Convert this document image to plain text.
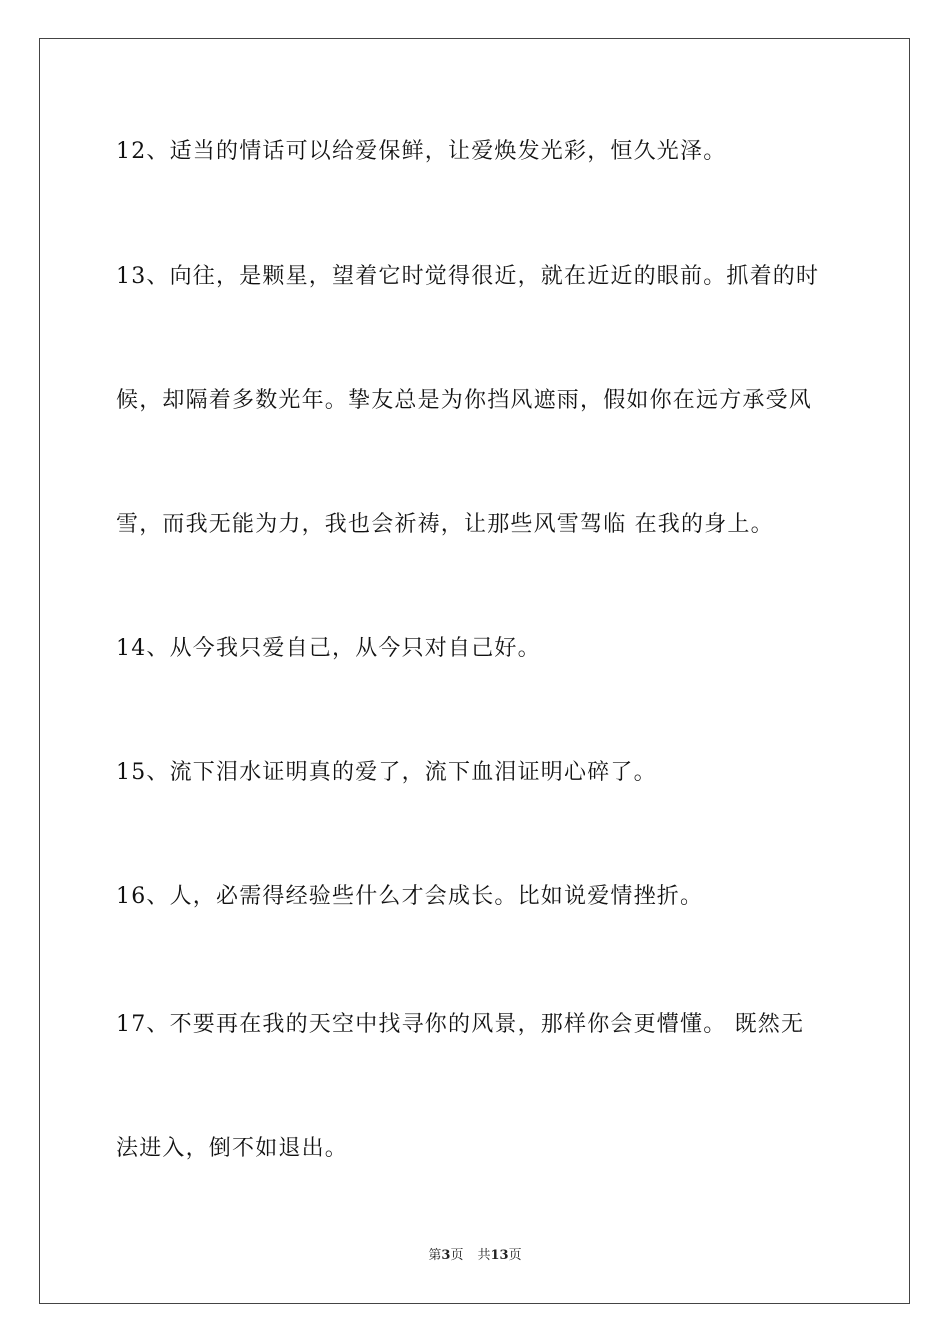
12、适当的情话可以给爱保鲜，让爱焕发光彩，恒久光泽。
13、向往，是颗星，望着它时觉得很近，就在近近的眼前。抓着的时
候，却隔着多数光年。挚友总是为你挡风遮雨，假如你在远方承受风
雪，而我无能为力，我也会祈祷，让那些风雪驾临 在我的身上。
14、从今我只爱自己，从今只对自己好。
15、流下泪水证明真的爱了，流下血泪证明心碎了。
16、人，必需得经验些什么才会成长。比如说爱情挫折。
17、不要再在我的天空中找寻你的风景，那样你会更懵懂。 既然无
法进入，倒不如退出。
第3页 共13页
